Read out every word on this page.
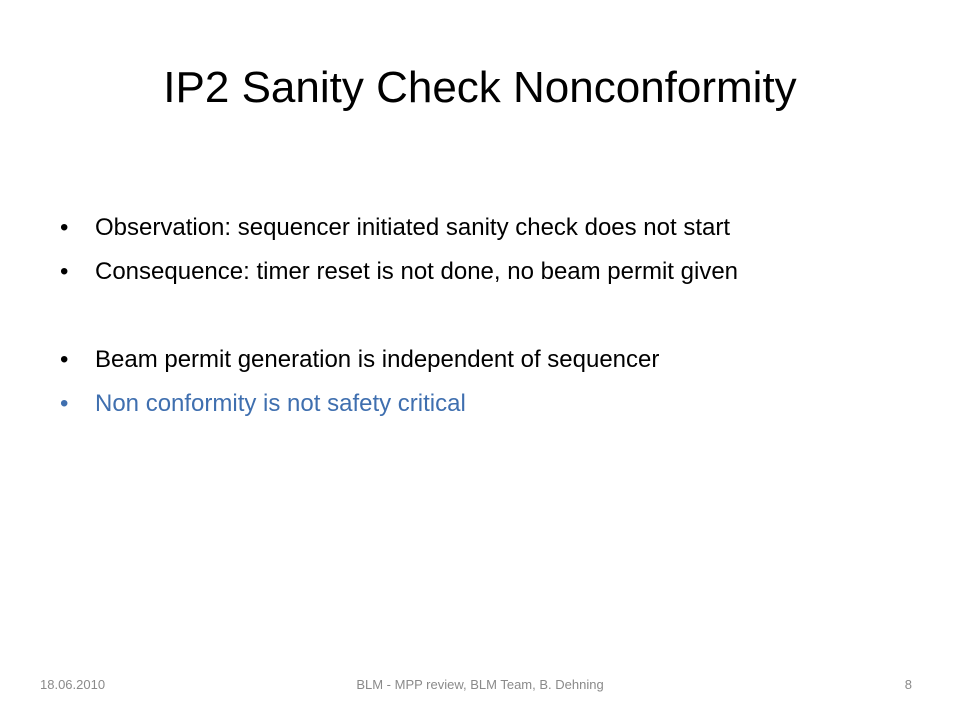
IP2 Sanity Check Nonconformity
• Observation: sequencer initiated sanity check does not start
• Consequence: timer reset is not done, no beam permit given
• Beam permit generation is independent of sequencer
• Non conformity is not safety critical
BLM - MPP review, BLM Team, B. Dehning
18.06.2010	8
